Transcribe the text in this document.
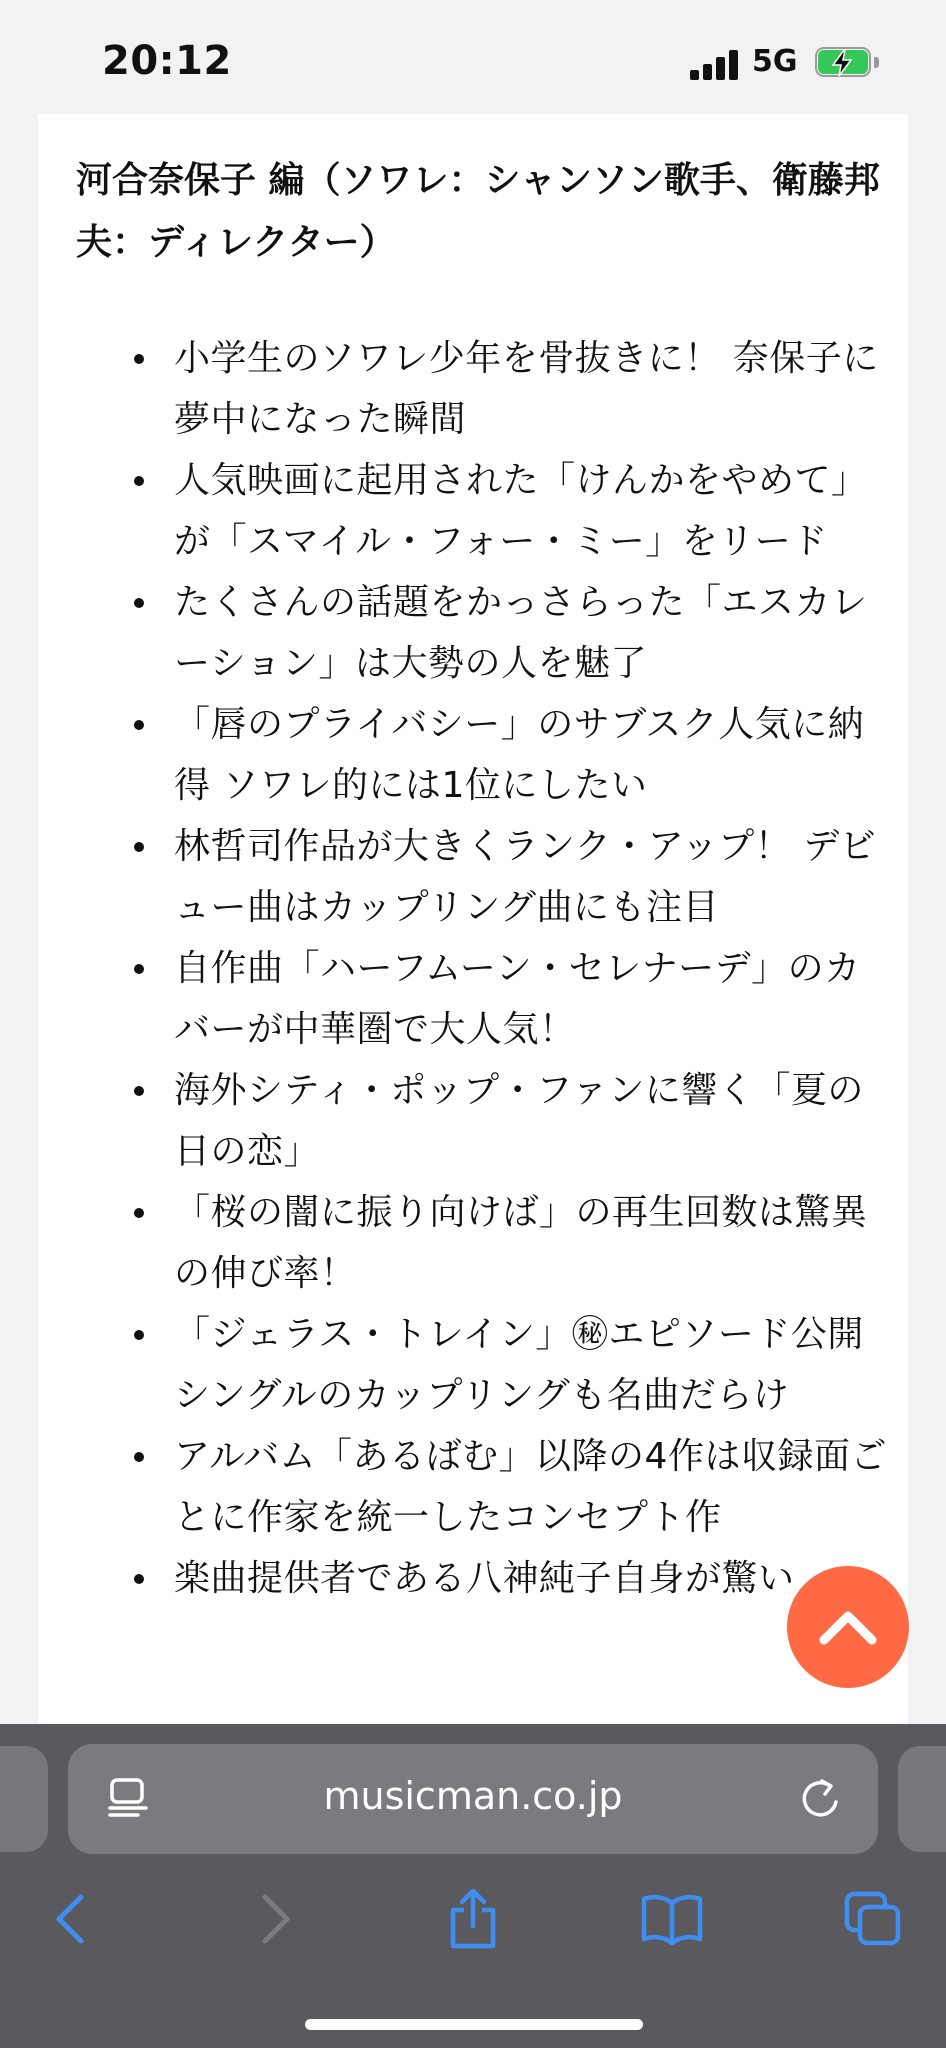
20:12	5G
河合奈保子 編（ソワレ：シャンソン歌手、衛藤邦夫：ディレクター）
小学生のソワレ少年を骨抜きに！ 奈保子に夢中になった瞬間
人気映画に起用された「けんかをやめて」が「スマイル・フォー・ミー」をリード
たくさんの話題をかっさらった「エスカレーション」は大勢の人を魅了
「唇のプライバシー」のサブスク人気に納得 ソワレ的には1位にしたい
林哲司作品が大きくランク・アップ！ デビュー曲はカップリング曲にも注目
自作曲「ハーフムーン・セレナーデ」のカバーが中華圏で大人気！
海外シティ・ポップ・ファンに響く「夏の日の恋」
「桜の闇に振り向けば」の再生回数は驚異の伸び率！
「ジェラス・トレイン」㊙エピソード公開 シングルのカップリングも名曲だらけ
アルバム「あるばむ」以降の4作は収録面ごとに作家を統一したコンセプト作
楽曲提供者である八神純子自身が驚い
musicman.co.jp
